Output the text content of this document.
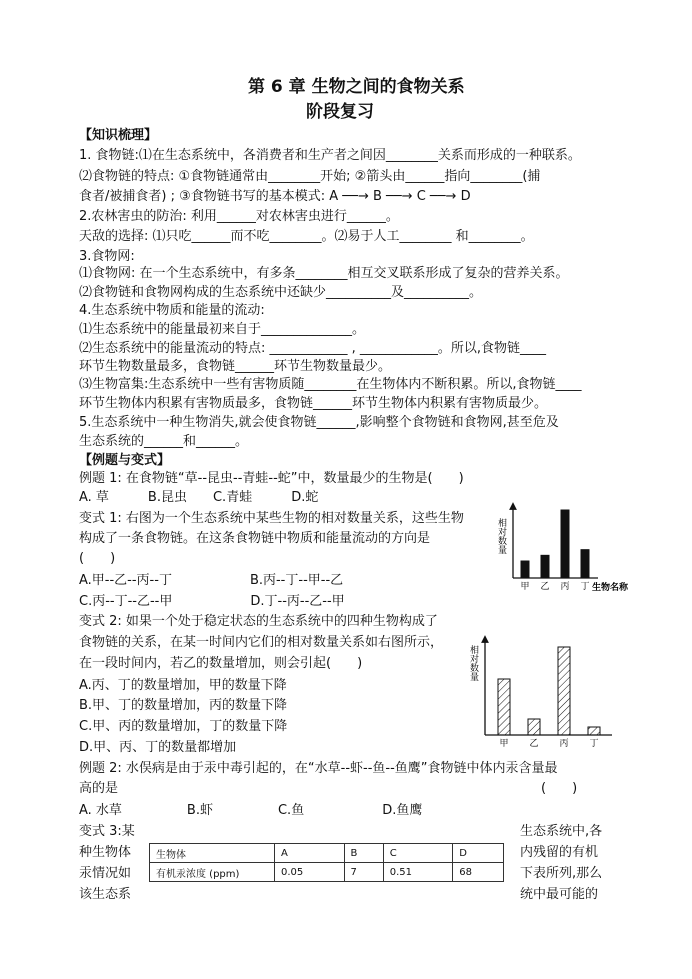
第 6 章 生物之间的食物关系
阶段复习
【知识梳理】
1. 食物链:⑴在生态系统中，各消费者和生产者之间因________关系而形成的一种联系。
⑵食物链的特点: ①食物链通常由________开始; ②箭头由______指向________(捕
食者/被捕食者) ; ③食物链书写的基本模式: A ──→ B ──→ C ──→ D
2.农林害虫的防治: 利用______对农林害虫进行______。
天敌的选择: ⑴只吃______而不吃________。⑵易于人工________ 和________。
3.食物网:
⑴食物网: 在一个生态系统中，有多条________相互交叉联系形成了复杂的营养关系。
⑵食物链和食物网构成的生态系统中还缺少__________及__________。
4.生态系统中物质和能量的流动:
⑴生态系统中的能量最初来自于______________。
⑵生态系统中的能量流动的特点: ____________ , ____________。所以,食物链____
环节生物数量最多，食物链______环节生物数量最少。
⑶生物富集:生态系统中一些有害物质随________在生物体内不断积累。所以,食物链____
环节生物体内积累有害物质最多，食物链______环节生物体内积累有害物质最少。
5.生态系统中一种生物消失,就会使食物链______,影响整个食物链和食物网,甚至危及
生态系统的______和______。
【例题与变式】
例题 1: 在食物链“草--昆虫--青蛙--蛇”中，数量最少的生物是(　　)
A. 草　　　B.昆虫　　C.青蛙　　　D.蛇
变式 1: 右图为一个生态系统中某些生物的相对数量关系，这些生物
构成了一条食物链。在这条食物链中物质和能量流动的方向是
(　　)
A.甲--乙--丙--丁　　　　　　B.丙--丁--甲--乙
C.丙--丁--乙--甲　　　　　　D.丁--丙--乙--甲
变式 2: 如果一个处于稳定状态的生态系统中的四种生物构成了
食物链的关系，在某一时间内它们的相对数量关系如右图所示，
在一段时间内，若乙的数量增加，则会引起(　　)
A.丙、丁的数量增加，甲的数量下降
B.甲、丁的数量增加，丙的数量下降
C.甲、丙的数量增加，丁的数量下降
D.甲、丙、丁的数量都增加
例题 2: 水俣病是由于汞中毒引起的，在“水草--虾--鱼--鱼鹰”食物链中体内汞含量最
高的是	(　　)
A. 水草　　　　　B.虾　　　　　C.鱼　　　　　　D.鱼鹰
变式 3:某
种生物体
汞情况如
该生态系
生态系统中,各
内残留的有机
下表所列,那么
统中最可能的
生物体	A	B	C	D
有机汞浓度 (ppm)	0.05	7	0.51	68
相对数量
生物名称
甲 乙 丙 丁
相对数量
甲 乙 丙 丁
